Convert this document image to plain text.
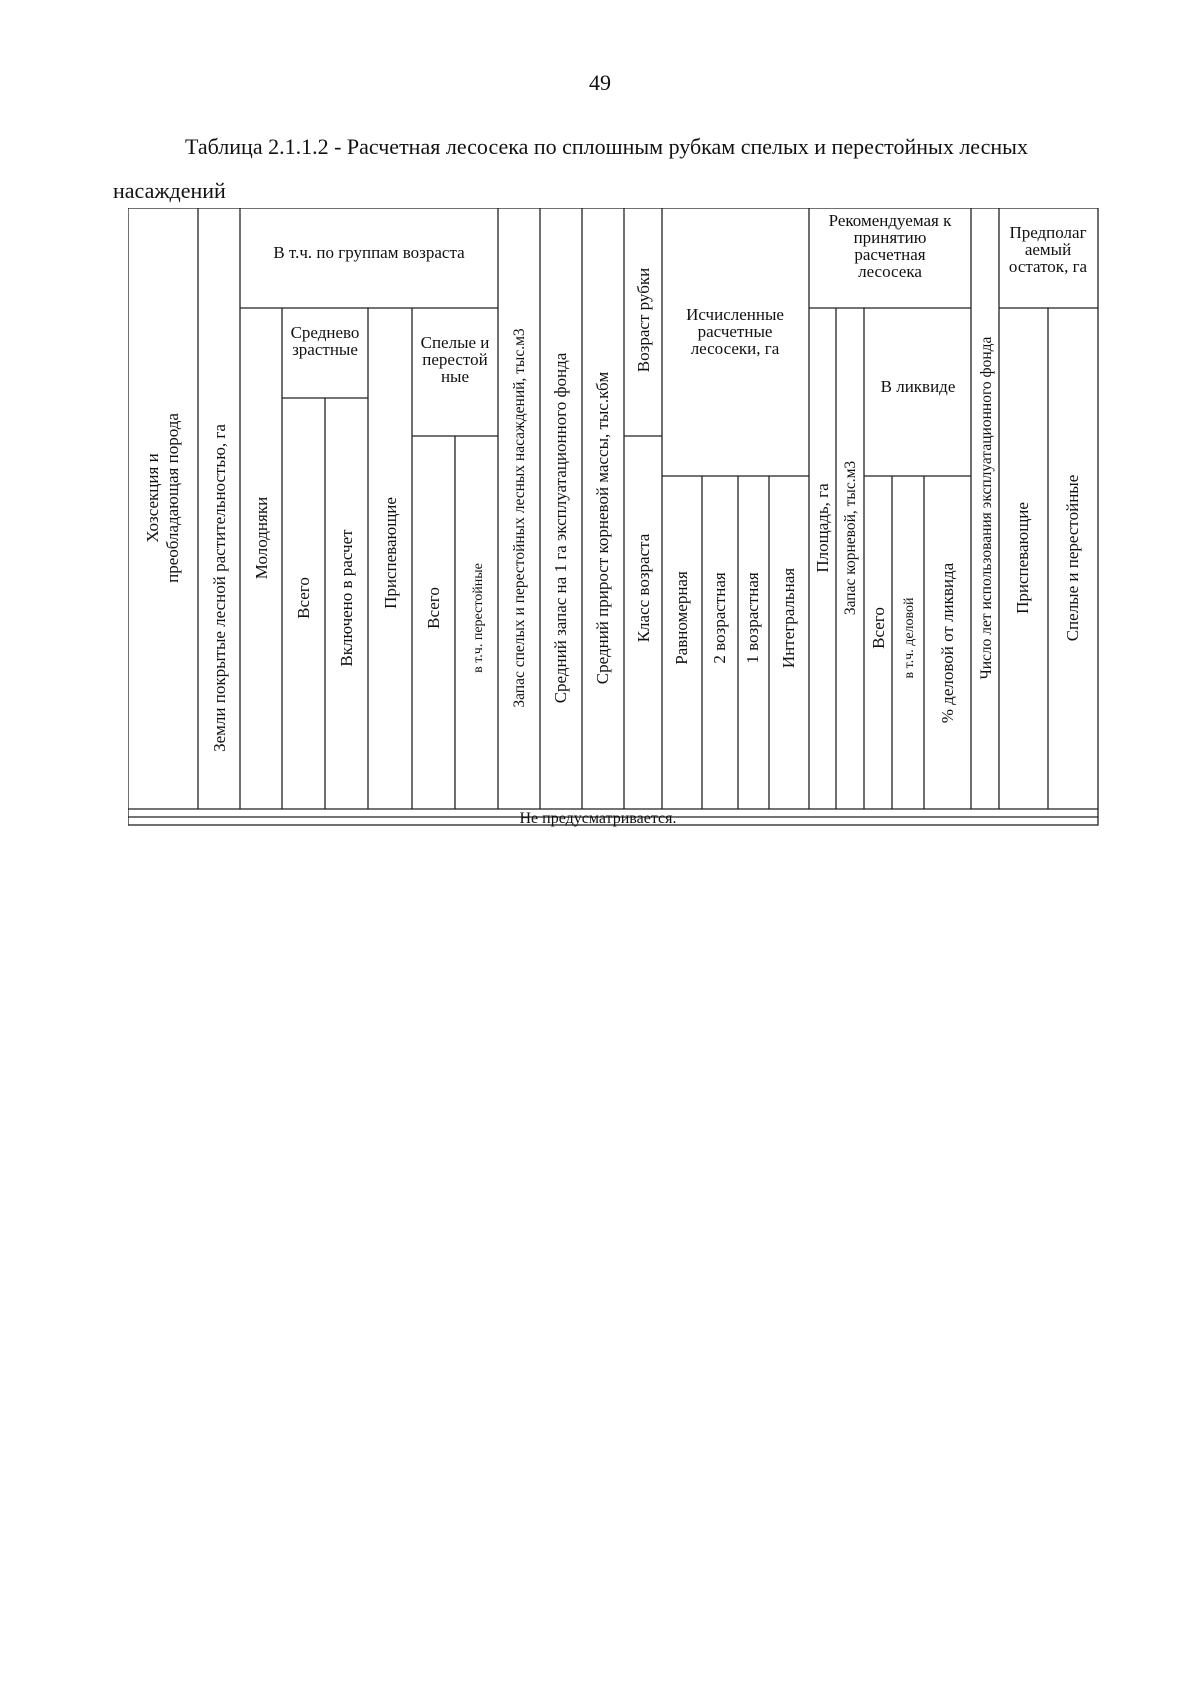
49
Таблица 2.1.1.2 - Расчетная лесосека по сплошным рубкам спелых и перестойных лесных
насаждений
Хозсекция и преобладающая порода Земли покрытые лесной растительностью, га
В т.ч. по группам возраста
Молодняки
Среднево
зрастные
Всего Включено в расчет Приспевающие
Спелые и
перестой
ные
Всего в т.ч. перестойные Запас спелых и перестойных лесных насаждений, тыс.м3 Средний запас на 1 га эксплуатационного фонда Средний прирост корневой массы, тыс.кбм
Возраст рубки
Класс возраста
Исчисленные
расчетные
лесосеки, га
Равномерная 2 возрастная 1 возрастная Интегральная
Рекомендуемая к
принятию
расчетная
лесосека
Площадь, га Запас корневой, тыс.м3
В ликвиде
Всего в т.ч. деловой % деловой от ликвида Число лет использования эксплуатационного фонда
Предполаг
аемый
остаток, га
Приспевающие Спелые и перестойные
Не предусматривается.
